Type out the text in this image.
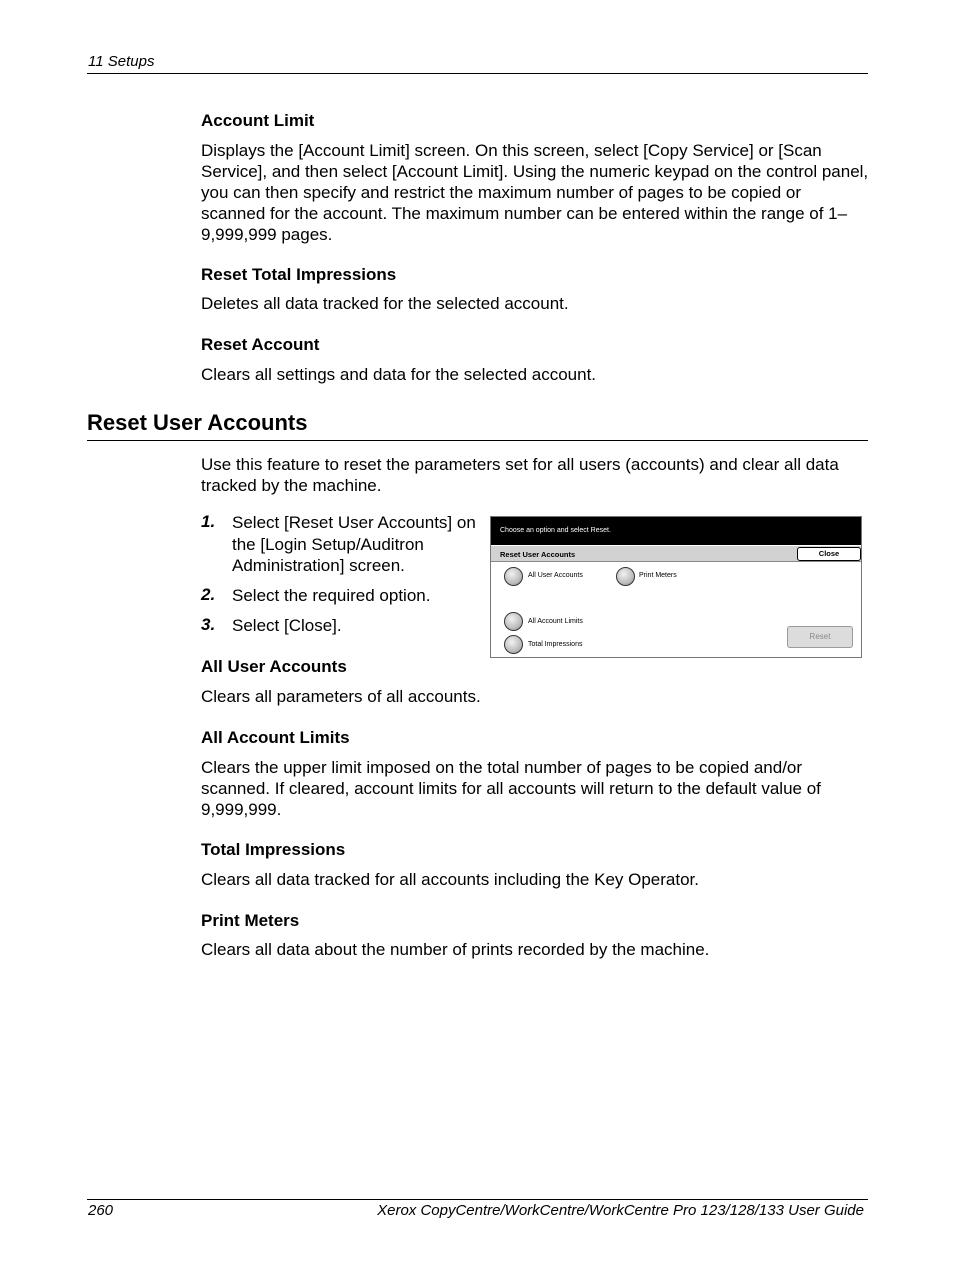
11 Setups
Account Limit
Displays the [Account Limit] screen. On this screen, select [Copy Service] or [Scan Service], and then select [Account Limit]. Using the numeric keypad on the control panel, you can then specify and restrict the maximum number of pages to be copied or scanned for the account. The maximum number can be entered within the range of 1–9,999,999 pages.
Reset Total Impressions
Deletes all data tracked for the selected account.
Reset Account
Clears all settings and data for the selected account.
Reset User Accounts
Use this feature to reset the parameters set for all users (accounts) and clear all data tracked by the machine.
1. Select [Reset User Accounts] on the [Login Setup/Auditron Administration] screen.
2. Select the required option.
3. Select [Close].
Choose an option and select Reset.
Reset User Accounts	Close
All User Accounts	Print Meters
All Account Limits
Total Impressions
Reset
All User Accounts
Clears all parameters of all accounts.
All Account Limits
Clears the upper limit imposed on the total number of pages to be copied and/or scanned. If cleared, account limits for all accounts will return to the default value of 9,999,999.
Total Impressions
Clears all data tracked for all accounts including the Key Operator.
Print Meters
Clears all data about the number of prints recorded by the machine.
260	Xerox CopyCentre/WorkCentre/WorkCentre Pro 123/128/133 User Guide
